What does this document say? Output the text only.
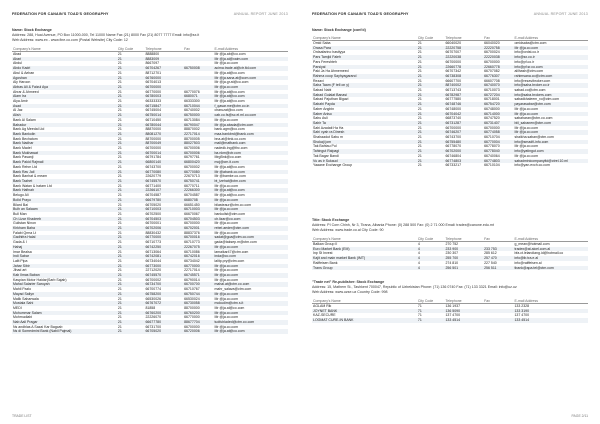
FEDERATION FOR CANAIN'S TOAD'S GEOGRAPHY	ANNUAL REPORT JUNE 2013
Name: Stock Exchange
Address: 288, Huai Avenue, PO Box 11000-000, Tel 11000 Name Fax (21) 8000 Fax (21) 8077 7777 Email: info@sx.it
Web Address: www.ex - www.fine.co.com (Postal Website) City Code: 12
Company's Name	City Code	Telephone	Fax	E-mail Address
Abad	21	8888800		Mr @ja.ab@co.com
Abari	21	8883009		Mr @ja.ai@xaim.com
Abdul	21	8667097		Mr @ja.co.com
Abdo Kadri	21	66704267	66750008	acima.trade.at@ctr.ltd.com
Abul & Aeban	21	88712701		Mr @ja.at@co.com
Agoshan	21	66760000		Mr @ja.sana.at@com.com
Aly Haroon	21	66704013		Mr @ja.gr.at@co.com
Abbas Ali & Faizul Aya	21	66700000		Mr @ja.co.com
Ahrar & Ahmeed	21	66770000	66770076	Mr @ja.at@co.com
Alam Ira	21	66780003	6680071	Mr @ja.at@co.com
Alya Amir	21	66333333	66333300	Mr @ja.at@co.com
Asad	21	66715847	66710044	f_qasar.me@ctm.co.in
Al Jaz	21	66745004	66740002	charuzat@co.com
Alish	21	66750014	66750000	cab.co.fs@sc.el.ml.co.com
Bank Al Salam	21	66710450	66713084	Mr @ja.co.com
Bahadur	21	66780044	66790047	Mr @ja.abada@ctm.com
Bank Ag Meedal Ltd	21	88870000	88870002	bank.agm@co.com
Bank Bankolin	21	88081270	22717014	maa.bankbrd@bank.com
Bank Bechatom	21	88700000	88700005	bna.at@bnk.co.com
Bank Nadhar	21	88700049	88027503	mail@mafbank.com
Bank Madel	21	66700000	66700006	nadedk.ing@thc.com
Bank Mukhawat	21	66700014	66700006	ba.nkm@ctr.com
Bank Pasanji	21	66791784	66797761	MrgBnk@co.com
Bank Pakid Rajmail	21	66800140	66800420	moj@cm.it.com
Bank Rehm Ltd	21	66743700	66700002	Mr @ja.at@co.com
Bank Rav Jail	21	66770080	66770080	Mr @abank.co.com
Bank Banhat & meam	21	22620779	22670713	Mr @bamke.co.com
Bank Tazhet	21	66745570	66750741	bt_tzehat@ctm.com
Bank Watan & hatam Ltd	21	66771400	66770711	Mr @ja.co.com
Bank Hafinah	21	22266107	22266300	Mr @ja.at@co.com
Belugo Ali	21	66704587	66704587	Mr @ja.at@co.com
Bolid Prayo	21	66679780	6680708	Mr @ja.co.com
Bilard Bai	21	66705020	66651450	bilasteaur@ctm.co.com
Bulh an Salaam	21	66710003	66710003	Mr @ja.co.com
Bull Man	21	66702500	66670067	bankulist@ctm.com
Ch Lizar Khadeeb	21	66704503	66704503	ch.lizar@co.com
Gulistan Ninon	21	66700001	66700000	Mr @ja.co.com
Kirkham Baha	21	66702006	66702001	rebel.aeder@ctm.com
Falabi Qrma Lt	21	88830432	88837376	Mr @ja.co.com
Gadhifra Halal	21	66770000	66700016	sadat@goa@ctm.co.com
Gada & I	21	66710773	66710773	gada@taksep.m@ctm.com
Hahaj	21	66742250	22267075	Mr @ja.co.com
Imar Bealsa	21	66713064	66710086	lamaikar47@ctm.com
Indi Sabar	21	66742081	66742016	inda@co.com
Lalit Pipa	21	66734044	66734042	lalitp.pry@ctm.com
Jahar Sibir	21	66773000	66770000	Mr @ja.co.com
Jihad art	21	22712020	22717014	Mr @ja.co.com
Kab Ilmas Baban	21	66745570	66745571	Mr @ja.co.com
Kaspian Motor Haidar(Sarb Sajab)	21	66700002	66790014	Mr @ja.co.com
Mahal Salarier Saroyah	21	66734700	66700700	mahal.at@ctm.co.com
Mahil Pazlo	21	66700774	66710767	mahr_salava@ctm.com
Mayad Saliyn	21	66758200	66750744	Mr @ja.co.com
Malik Saharwala	21	66530026	66530024	Mr @ja.co.com
Mustala Sahi	21	66767072	66730058	mokudim@ctm.s.it
MEDI	21	81858	88700000	Mr @ja.al@co.com
Mohummar Salam	21	66760200	66760200	Mr @ja.co.com
Mohmudiabi	21	22226070	66770000	Mr @ja.co.com
Nab Aali Pragar	21	66677780	88677704	tudfubladed@ctm.co.com
Ns andblas A Sazai Kar Bagcab	21	66731700	66700000	Mr @ja.co.com
Ns di Somedmini Bank (Nabil Pajmal)	21	66705020	66720006	Mr @ja.at@co.com
TRADE LIST
FEDERATION FOR CANAIN'S TOAD'S GEOGRAPHY	ANNUAL REPORT JUNE 2013
Name: Stock Exchange (cont'd)
Company's Name	City Code	Telephone	Fax	E-mail Address
Omid Saba	21	66040020	66040020	omidsaba@ctm.com
Orasa Para	21	22220758	22220758	Mr @ja.co.com
Ordsafarino hastiyya	21	66707007	66700024	info@ordst.co.ir
Pars Tamjid Faleh	21	22220038	22220038	info@sx.co.ir
Pars Fereshteh	21	66700000	66700000	info@pf.co.ir
Parsiyal	21	22660778	22660778	info@pf.sr.co.com
Paki Ja Ha Ahmemeed	21	66707342	66707082	alilhash@ctm.com
Rahma coop Sayhyagarand	21	66738308	66776307	rahimsana.co@ctm.com
Rezavi	21	66607700	66607708	info@rezavibroker.com
Saha Taam (F tell on y)	21	88740002	66740070	info@saha.broker.co.ir
Sabad Nabi	21	66713743	66710073	sabad.co@ctm.com
Sabad Gulalat Banasi	21	66782987	66727204	info@saba.brokers.com
Sabad Pajuthan Bigazi	21	66777580	66718001	sabadkhaleem_ro@ctm.com
Sabahi Payda	21	66748746	66754720	payarasabar@ctm.com
Saber Angbin	21	66748000	66748000	Mr @ja.co.com
Saber Aniso	21	66704042	66714000	Mr @ja.co.com
Sahu Asli	21	66873740	66747520	sabaharan@ctm.co.com
Sahir Ta	21	66731287	66731407	biil_sabanen@ctm.com
Sahi Azadati Ha Ha	21	66700000	66700000	Mr @ja.co.com
Sahi vyah ra Dinesh	21	66746207	66774058	Mr @ja.co.com
Shahaadut Sabu m	21	66743700	66710704	shaikha.saban@ctm.com
Shokaji jom	21	66755480	66770004	info@smadfi-info.com
Tak Bahtau Pul	21	66778070	66778070	Mr @ja.co.com
Tahingut Raipagi	21	66702000	66778040	info@yatingut.com
Tak Bagar Bandi	21	66746804	66740064	Mr @ja.co.com
Vu as ir Sukaud	21	66774803	66774803	sabadminicompanyltd@ctrel.10.ml
Yaaane Exchange Group	21	66733217	66710104	info@yan.exch.co.com
Title: Stock Exchange
Address: PI Corn Chinh, Nr 3, Tirana, Albania Phone: (0) 288 500 Fax: (0) 2 71 000 Email: tradex@canone.edu.mt
Web Address: www.trade.co.al City Code: 90
Company's Name	City Code	Telephone	Fax	E-mail Address
Balkan Group II	4	270 752		g_mean@hotmail.com
Euro Market Bank (EM)	4	233 900	233 753	tradex@at.aicel.com.al
Inp St Invest	4	230 307	285 612	bfa.ct.lelandiang.id@hotmail.co
Kajit and main market Bank (IMT)	4	255 700	257 470	info@ib.tra.e.al
Raiffeisen Bank	4	274 810	227 540	info@raiffeisen.al
Trans Group	4	256 501	256 511	tbank@apa.tel@ctm.com
"Trade net" Re-publisher: Stock Exchange
Address: 15, Mathem St., Tashkent 700047, Republic of Uzbekistan Phone: (71) 136 0740 Fax: (71) 133 3321 Email: info@uz.uz
Web Address: www.uzse.uz Country Code: 998
Company's Name	City Code	Telephone	Fax	E-mail Address
AGLAM Rik	71	136 1937		133 2328
JOYNET BANK	71	136 5090		133 3190
KAZ-SECURE	71	137 4700		137 4700
LOGMAT CURE-IN BANK	71	133 4514		133 4514
PAGE 2/11
